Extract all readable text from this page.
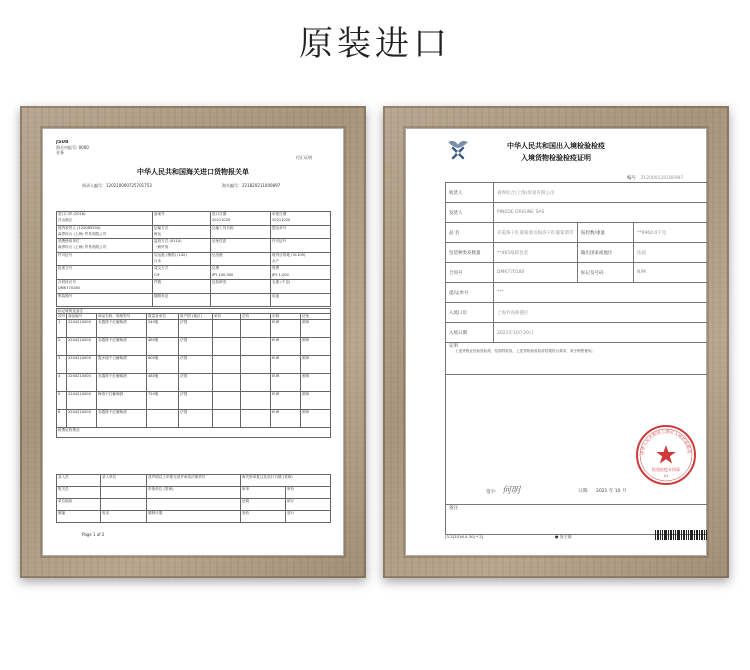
原装进口
JS08
海关申报号: 0000
业务
付汇证明
中华人民共和国海关进口货物报关单
预录入编号：120210000725701753	海关编号：221820211000897
进口口岸 (2018)	备案号	进口日期	申报日期
洋山港区		20211020	20211020
境内收货人 (120089294)	运输方式	运输工具名称	提运单号
森界综合 (上海) 贸易有限公司	海运		
消费使用单位	监管方式 (0110)	征免性质	许可证号
森界综合 (上海) 贸易有限公司	一般贸易		
许可证号	启运港 (梅国) (142)	运至港	境内目的地 (31109)
	日本		水户
批准文号	成交方式	运费	保费
	CIF	JPY 100,000	JPY 1,000
合同协议号	件数	包装种类	毛重 (千克)
DMK770180			
集装箱号	随附单证		用途

标记唛码及备注								
项号	商品编号	商品名称、规格型号	数量及单位	原产国 (地区)	单价	总价	币制	征免
1	2204210000	赤霞珠干红葡萄酒	240瓶	法国			EUR	照章
2	2204210000	赤霞珠干红葡萄酒	480瓶	法国			EUR	照章
3	2204210000	霞多丽干白葡萄酒	600瓶	法国			EUR	照章
4	2204210000	赤霞珠干红葡萄酒	480瓶	法国			EUR	照章
5	2204210000	梅洛干红葡萄酒	720瓶	法国			EUR	照章
6	2204210000	赤霞珠干红葡萄酒		法国			EUR	照章
税费征收情况								
录入员	录入单位	兹声明以上申报无讹并承担法律责任	海关审单批注及放行日期 (签章)	
报关员		申报单位 (签章)	审单	审价
单位地址			征税	统计
邮编	电话	填制日期	查验	放行
Page 1 of 2
中华人民共和国出入境检验检疫
入境货物检验检疫证明
编号 312000120180987
收货人	森界综合(上海)贸易有限公司		
发货人	PINEDE ORIGINE SAS		
品 名	赤霞珠干红葡萄酒及梅洛干红葡萄酒等	报检数/重量	**6960.0千克
包装种类及数量	**465纸箱包装	输出国家或地区	法国
合同号	DMK770180	标记及号码	N/M
提/运单号	***		
入境口岸	上海外高桥港区		
入境日期	2021年10月20日		

证明
上述货物业经检验检疫，经抽样检验，上述货物检验检疫结果符合要求，准予销售使用。			

签字: 何明 日期: 2021 年 10 月
中华人民共和国上海出入境检验检疫
检验检疫专用章
01			

备注			
[3-2(2016.4.30) * 2]	● 货主联
